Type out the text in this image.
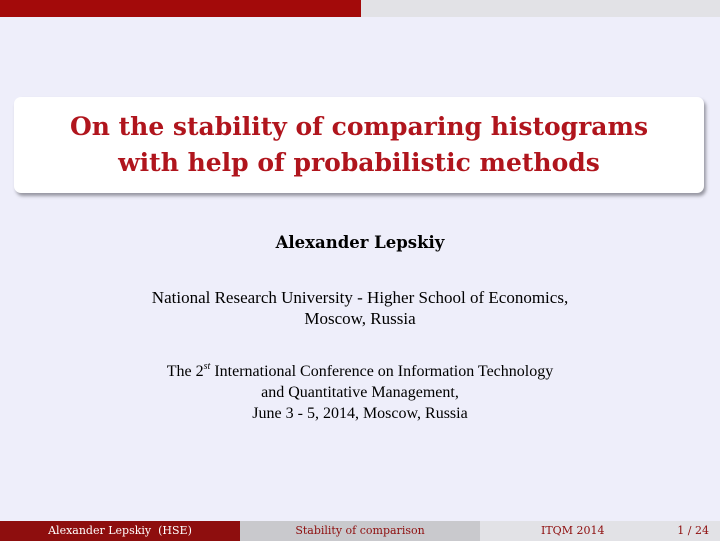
On the stability of comparing histograms
with help of probabilistic methods
Alexander Lepskiy
National Research University - Higher School of Economics,
Moscow, Russia
The 2st International Conference on Information Technology
and Quantitative Management,
June 3 - 5, 2014, Moscow, Russia
Alexander Lepskiy  (HSE)	Stability of comparison	ITQM 2014	1 / 24
